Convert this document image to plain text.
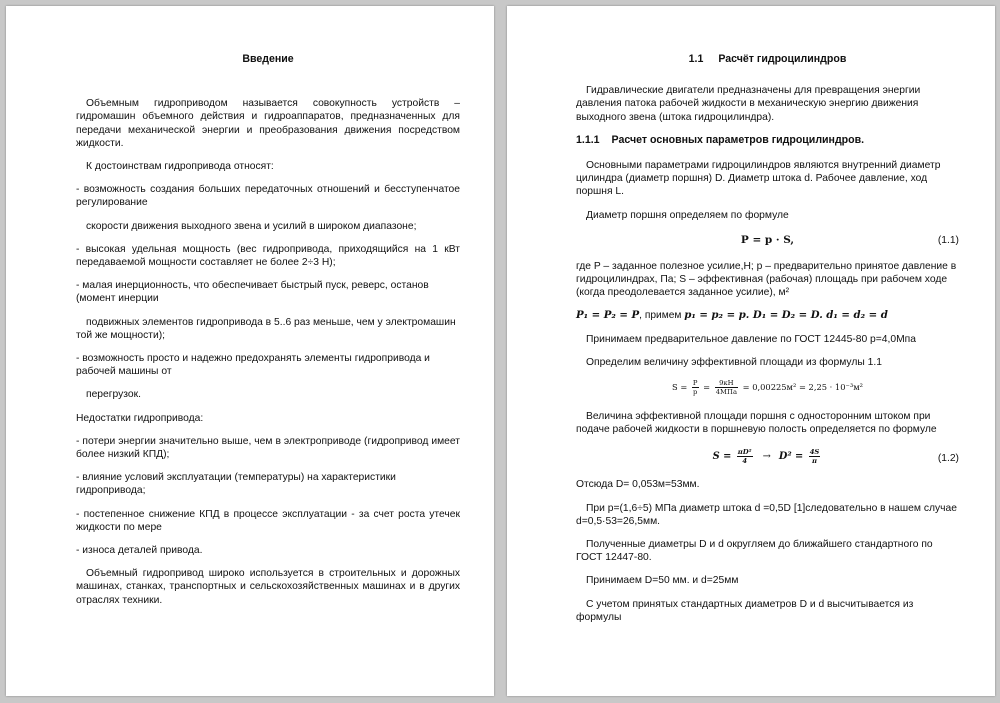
Введение

Объемным гидроприводом называется совокупность устройств – гидромашин объемного действия и гидроаппаратов, предназначенных для передачи механической энергии и преобразования движения посредством жидкости.

К достоинствам гидропривода относят:

- возможность создания больших передаточных отношений и бесступенчатое регулирование

скорости движения выходного звена и усилий в широком диапазоне;

- высокая удельная мощность (вес гидропривода, приходящийся на 1 кВт передаваемой мощности составляет не более 2÷3 Н);

- малая инерционность, что обеспечивает быстрый пуск, реверс, останов (момент инерции

подвижных элементов гидропривода в 5..6 раз меньше, чем у электромашин той же мощности);

- возможность просто и надежно предохранять элементы гидропривода и рабочей машины от

перегрузок.

Недостатки гидропривода:

- потери энергии значительно выше, чем в электроприводе (гидропривод имеет более низкий КПД);

- влияние условий эксплуатации (температуры) на характеристики гидропривода;

- постепенное снижение КПД в процессе эксплуатации - за счет роста утечек жидкости по мере

- износа деталей привода.

Объемный гидропривод широко используется в строительных и дорожных машинах, станках, транспортных и сельскохозяйственных машинах и в других отраслях техники.

1.1 Расчёт гидроцилиндров

Гидравлические двигатели предназначены для превращения энергии давления патока рабочей жидкости в механическую энергию движения выходного звена (штока гидроцилиндра).

1.1.1 Расчет основных параметров гидроцилиндров.

Основными параметрами гидроцилиндров являются внутренний диаметр цилиндра (диаметр поршня) D. Диаметр штока d. Рабочее давление, ход поршня L.

Диаметр поршня определяем по формуле

P = p · S,	(1.1)

где P – заданное полезное усилие,Н; p – предварительно принятое давление в гидроцилиндрах, Па; S – эффективная (рабочая) площадь при рабочем ходе (когда преодолевается заданное усилие), м²

P₁ = P₂ = P, примем p₁ = p₂ = p. D₁ = D₂ = D. d₁ = d₂ = d

Принимаем предварительное давление по ГОСТ 12445-80 p=4,0Мпа

Определим величину эффективной площади из формулы 1.1

$S = \frac{P}{p} = \frac{9кН}{\text{4МПа}} = 0,00225м^2 = 2,25 \cdot 10^{-3}м^2$

Величина эффективной площади поршня с односторонним штоком при подаче рабочей жидкости в поршневую полость определяется по формуле

$S = \frac{\text{πD²}}{4} \to D^2 = \frac{4S}{\pi}$	(1.2)

Отсюда D= 0,053м=53мм.

При p=(1,6÷5) МПа диаметр штока d =0,5D [1]следовательно в нашем случае d=0,5·53=26,5мм.

Полученные диаметры D и d округляем до ближайшего стандартного по ГОСТ 12447-80.

Принимаем D=50 мм. и d=25мм

С учетом принятых стандартных диаметров D и d высчитывается из формулы
